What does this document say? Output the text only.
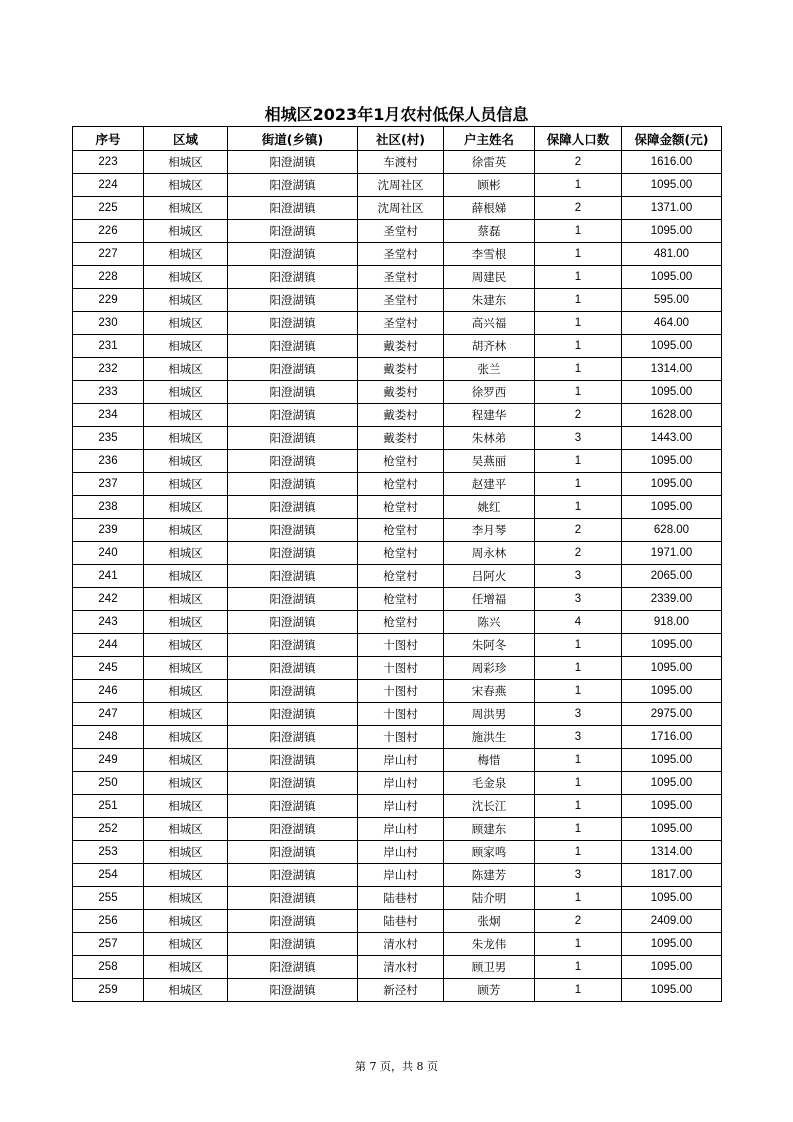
相城区2023年1月农村低保人员信息
序号	区域	街道(乡镇)	社区(村)	户主姓名	保障人口数	保障金额(元)
223	相城区	阳澄湖镇	车渡村	徐雷英	2	1616.00
224	相城区	阳澄湖镇	沈周社区	顾彬	1	1095.00
225	相城区	阳澄湖镇	沈周社区	薛根娣	2	1371.00
226	相城区	阳澄湖镇	圣堂村	蔡磊	1	1095.00
227	相城区	阳澄湖镇	圣堂村	李雪根	1	481.00
228	相城区	阳澄湖镇	圣堂村	周建民	1	1095.00
229	相城区	阳澄湖镇	圣堂村	朱建东	1	595.00
230	相城区	阳澄湖镇	圣堂村	高兴福	1	464.00
231	相城区	阳澄湖镇	戴娄村	胡齐林	1	1095.00
232	相城区	阳澄湖镇	戴娄村	张兰	1	1314.00
233	相城区	阳澄湖镇	戴娄村	徐罗西	1	1095.00
234	相城区	阳澄湖镇	戴娄村	程建华	2	1628.00
235	相城区	阳澄湖镇	戴娄村	朱林弟	3	1443.00
236	相城区	阳澄湖镇	枪堂村	吴燕丽	1	1095.00
237	相城区	阳澄湖镇	枪堂村	赵建平	1	1095.00
238	相城区	阳澄湖镇	枪堂村	姚红	1	1095.00
239	相城区	阳澄湖镇	枪堂村	李月琴	2	628.00
240	相城区	阳澄湖镇	枪堂村	周永林	2	1971.00
241	相城区	阳澄湖镇	枪堂村	吕阿火	3	2065.00
242	相城区	阳澄湖镇	枪堂村	任增福	3	2339.00
243	相城区	阳澄湖镇	枪堂村	陈兴	4	918.00
244	相城区	阳澄湖镇	十图村	朱阿冬	1	1095.00
245	相城区	阳澄湖镇	十图村	周彩珍	1	1095.00
246	相城区	阳澄湖镇	十图村	宋春燕	1	1095.00
247	相城区	阳澄湖镇	十图村	周洪男	3	2975.00
248	相城区	阳澄湖镇	十图村	施洪生	3	1716.00
249	相城区	阳澄湖镇	岸山村	梅惜	1	1095.00
250	相城区	阳澄湖镇	岸山村	毛金泉	1	1095.00
251	相城区	阳澄湖镇	岸山村	沈长江	1	1095.00
252	相城区	阳澄湖镇	岸山村	顾建东	1	1095.00
253	相城区	阳澄湖镇	岸山村	顾家鸣	1	1314.00
254	相城区	阳澄湖镇	岸山村	陈建芳	3	1817.00
255	相城区	阳澄湖镇	陆巷村	陆介明	1	1095.00
256	相城区	阳澄湖镇	陆巷村	张炯	2	2409.00
257	相城区	阳澄湖镇	清水村	朱龙伟	1	1095.00
258	相城区	阳澄湖镇	清水村	顾卫男	1	1095.00
259	相城区	阳澄湖镇	新泾村	顾芳	1	1095.00
第 7 页，共 8 页
